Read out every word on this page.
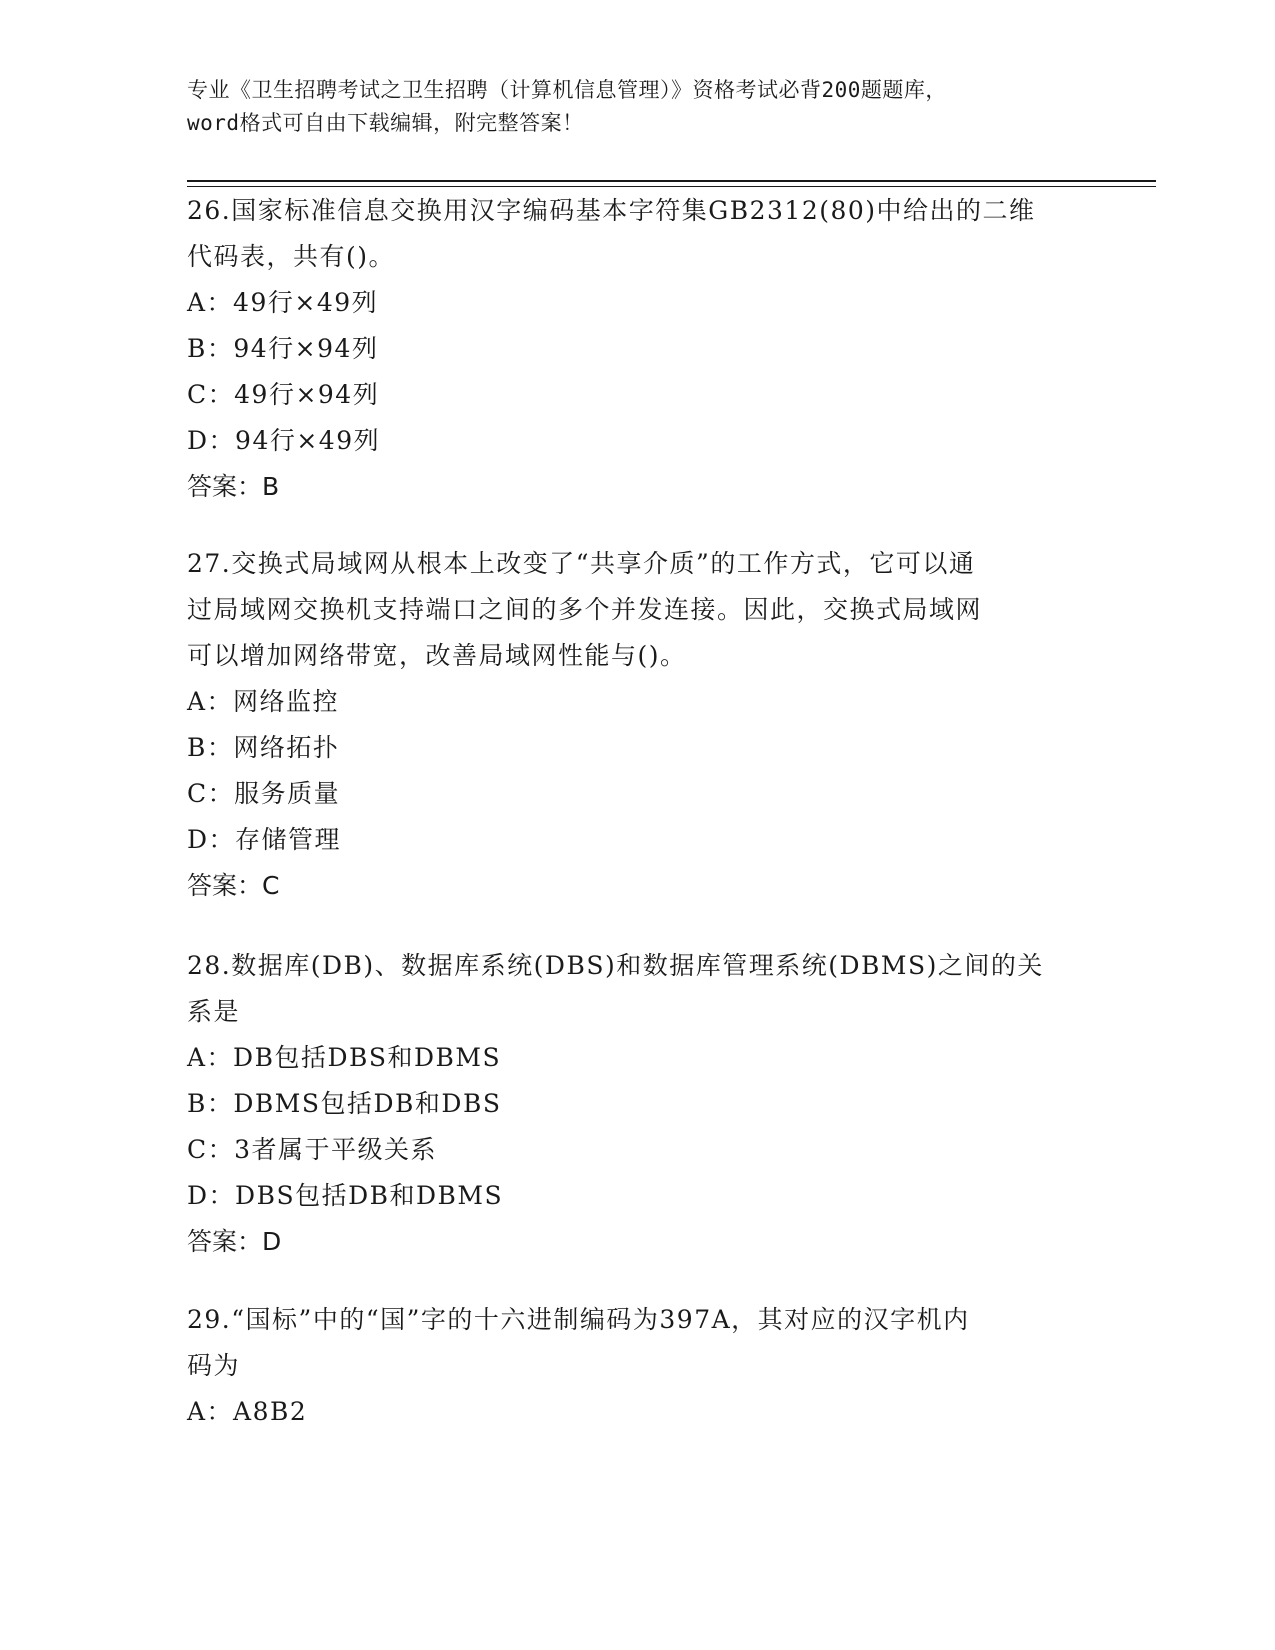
专业《卫生招聘考试之卫生招聘（计算机信息管理）》资格考试必背200题题库，
word格式可自由下载编辑，附完整答案！
26.国家标准信息交换用汉字编码基本字符集GB2312(80)中给出的二维
代码表，共有()。
A：49行×49列
B：94行×94列
C：49行×94列
D：94行×49列
答案：B
27.交换式局域网从根本上改变了“共享介质”的工作方式，它可以通
过局域网交换机支持端口之间的多个并发连接。因此，交换式局域网
可以增加网络带宽，改善局域网性能与()。
A：网络监控
B：网络拓扑
C：服务质量
D：存储管理
答案：C
28.数据库(DB)、数据库系统(DBS)和数据库管理系统(DBMS)之间的关
系是
A：DB包括DBS和DBMS
B：DBMS包括DB和DBS
C：3者属于平级关系
D：DBS包括DB和DBMS
答案：D
29.“国标”中的“国”字的十六进制编码为397A，其对应的汉字机内
码为
A：A8B2
